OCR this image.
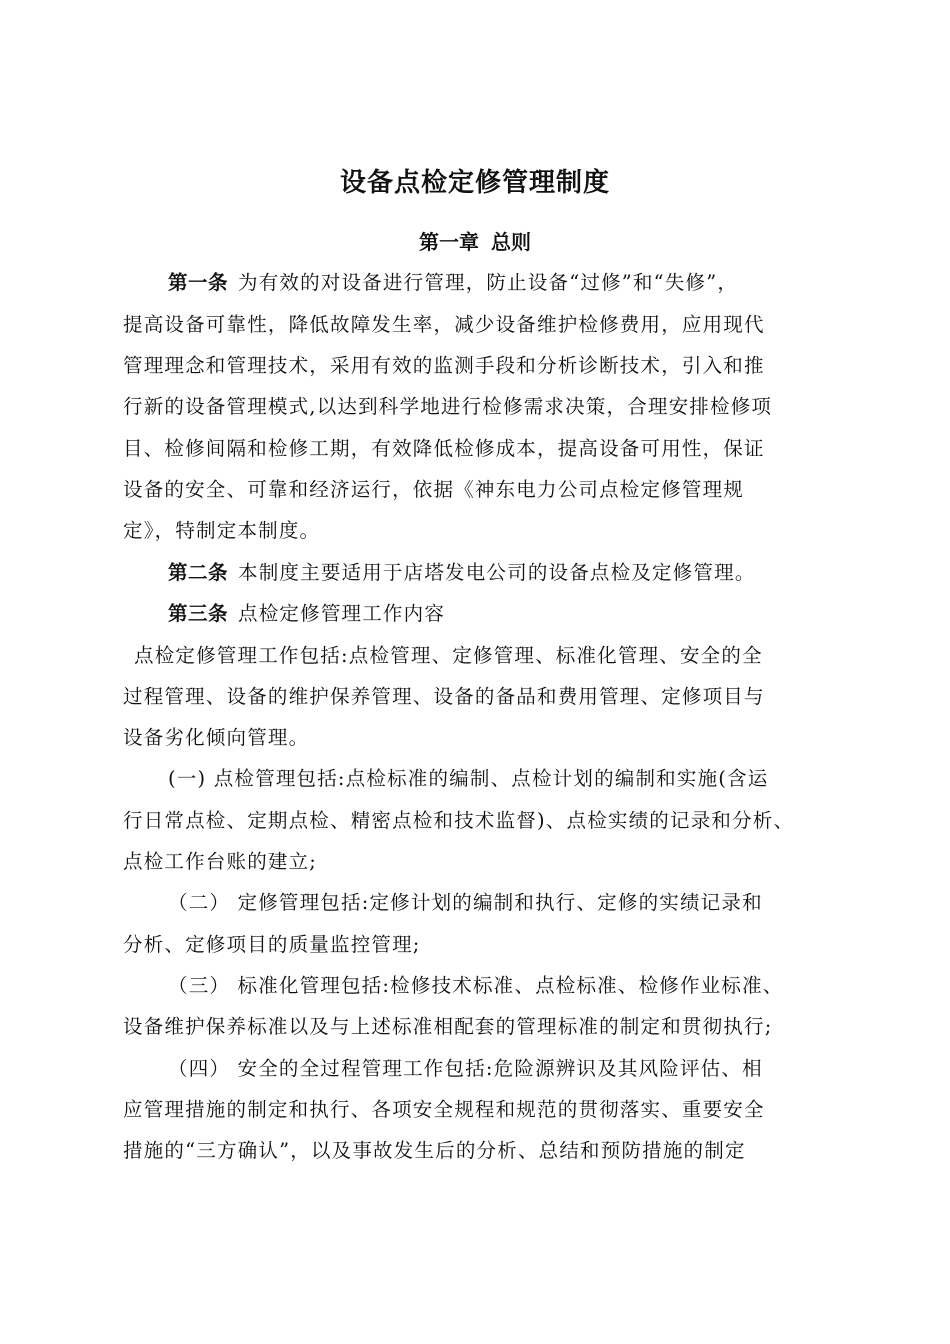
设备点检定修管理制度
第一章 总则
第一条 为有效的对设备进行管理，防止设备“过修”和“失修”，
提高设备可靠性，降低故障发生率，减少设备维护检修费用，应用现代
管理理念和管理技术，采用有效的监测手段和分析诊断技术，引入和推
行新的设备管理模式,以达到科学地进行检修需求决策，合理安排检修项
目、检修间隔和检修工期，有效降低检修成本，提高设备可用性，保证
设备的安全、可靠和经济运行，依据《神东电力公司点检定修管理规
定》，特制定本制度。
第二条 本制度主要适用于店塔发电公司的设备点检及定修管理。
第三条 点检定修管理工作内容
点检定修管理工作包括:点检管理、定修管理、标准化管理、安全的全
过程管理、设备的维护保养管理、设备的备品和费用管理、定修项目与
设备劣化倾向管理。
(一) 点检管理包括:点检标准的编制、点检计划的编制和实施(含运
行日常点检、定期点检、精密点检和技术监督)、点检实绩的记录和分析、
点检工作台账的建立;
（二） 定修管理包括:定修计划的编制和执行、定修的实绩记录和
分析、定修项目的质量监控管理;
（三） 标准化管理包括:检修技术标准、点检标准、检修作业标准、
设备维护保养标准以及与上述标准相配套的管理标准的制定和贯彻执行;
（四） 安全的全过程管理工作包括:危险源辨识及其风险评估、相
应管理措施的制定和执行、各项安全规程和规范的贯彻落实、重要安全
措施的“三方确认”，以及事故发生后的分析、总结和预防措施的制定
